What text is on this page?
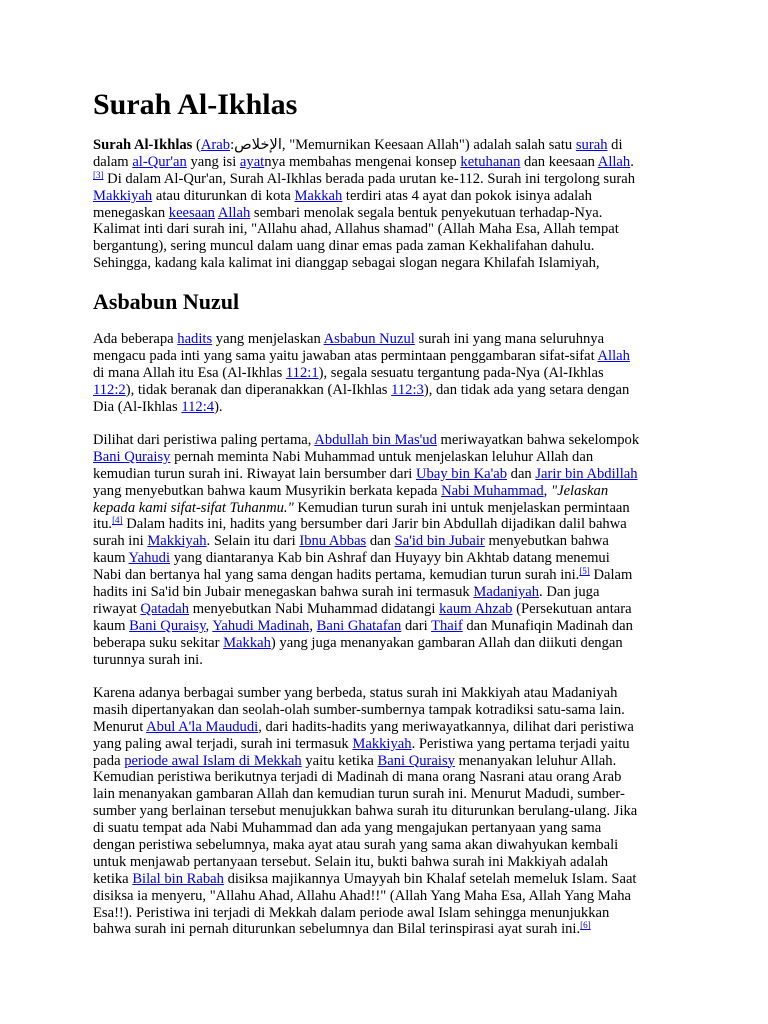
Surah Al-Ikhlas
Surah Al-Ikhlas (Arab:الإخلاص, "Memurnikan Keesaan Allah") adalah salah satu surah di
dalam al-Qur'an yang isi ayatnya membahas mengenai konsep ketuhanan dan keesaan Allah.
[3] Di dalam Al-Qur'an, Surah Al-Ikhlas berada pada urutan ke-112. Surah ini tergolong surah
Makkiyah atau diturunkan di kota Makkah terdiri atas 4 ayat dan pokok isinya adalah
menegaskan keesaan Allah sembari menolak segala bentuk penyekutuan terhadap-Nya.
Kalimat inti dari surah ini, "Allahu ahad, Allahus shamad" (Allah Maha Esa, Allah tempat
bergantung), sering muncul dalam uang dinar emas pada zaman Kekhalifahan dahulu.
Sehingga, kadang kala kalimat ini dianggap sebagai slogan negara Khilafah Islamiyah,
Asbabun Nuzul
Ada beberapa hadits yang menjelaskan Asbabun Nuzul surah ini yang mana seluruhnya
mengacu pada inti yang sama yaitu jawaban atas permintaan penggambaran sifat-sifat Allah
di mana Allah itu Esa (Al-Ikhlas 112:1), segala sesuatu tergantung pada-Nya (Al-Ikhlas
112:2), tidak beranak dan diperanakkan (Al-Ikhlas 112:3), dan tidak ada yang setara dengan
Dia (Al-Ikhlas 112:4).
Dilihat dari peristiwa paling pertama, Abdullah bin Mas'ud meriwayatkan bahwa sekelompok
Bani Quraisy pernah meminta Nabi Muhammad untuk menjelaskan leluhur Allah dan
kemudian turun surah ini. Riwayat lain bersumber dari Ubay bin Ka'ab dan Jarir bin Abdillah
yang menyebutkan bahwa kaum Musyrikin berkata kepada Nabi Muhammad, "Jelaskan
kepada kami sifat-sifat Tuhanmu." Kemudian turun surah ini untuk menjelaskan permintaan
itu.[4] Dalam hadits ini, hadits yang bersumber dari Jarir bin Abdullah dijadikan dalil bahwa
surah ini Makkiyah. Selain itu dari Ibnu Abbas dan Sa'id bin Jubair menyebutkan bahwa
kaum Yahudi yang diantaranya Kab bin Ashraf dan Huyayy bin Akhtab datang menemui
Nabi dan bertanya hal yang sama dengan hadits pertama, kemudian turun surah ini.[5] Dalam
hadits ini Sa'id bin Jubair menegaskan bahwa surah ini termasuk Madaniyah. Dan juga
riwayat Qatadah menyebutkan Nabi Muhammad didatangi kaum Ahzab (Persekutuan antara
kaum Bani Quraisy, Yahudi Madinah, Bani Ghatafan dari Thaif dan Munafiqin Madinah dan
beberapa suku sekitar Makkah) yang juga menanyakan gambaran Allah dan diikuti dengan
turunnya surah ini.
Karena adanya berbagai sumber yang berbeda, status surah ini Makkiyah atau Madaniyah
masih dipertanyakan dan seolah-olah sumber-sumbernya tampak kotradiksi satu-sama lain.
Menurut Abul A'la Maududi, dari hadits-hadits yang meriwayatkannya, dilihat dari peristiwa
yang paling awal terjadi, surah ini termasuk Makkiyah. Peristiwa yang pertama terjadi yaitu
pada periode awal Islam di Mekkah yaitu ketika Bani Quraisy menanyakan leluhur Allah.
Kemudian peristiwa berikutnya terjadi di Madinah di mana orang Nasrani atau orang Arab
lain menanyakan gambaran Allah dan kemudian turun surah ini. Menurut Madudi, sumber-
sumber yang berlainan tersebut menujukkan bahwa surah itu diturunkan berulang-ulang. Jika
di suatu tempat ada Nabi Muhammad dan ada yang mengajukan pertanyaan yang sama
dengan peristiwa sebelumnya, maka ayat atau surah yang sama akan diwahyukan kembali
untuk menjawab pertanyaan tersebut. Selain itu, bukti bahwa surah ini Makkiyah adalah
ketika Bilal bin Rabah disiksa majikannya Umayyah bin Khalaf setelah memeluk Islam. Saat
disiksa ia menyeru, "Allahu Ahad, Allahu Ahad!!" (Allah Yang Maha Esa, Allah Yang Maha
Esa!!). Peristiwa ini terjadi di Mekkah dalam periode awal Islam sehingga menunjukkan
bahwa surah ini pernah diturunkan sebelumnya dan Bilal terinspirasi ayat surah ini.[6]
